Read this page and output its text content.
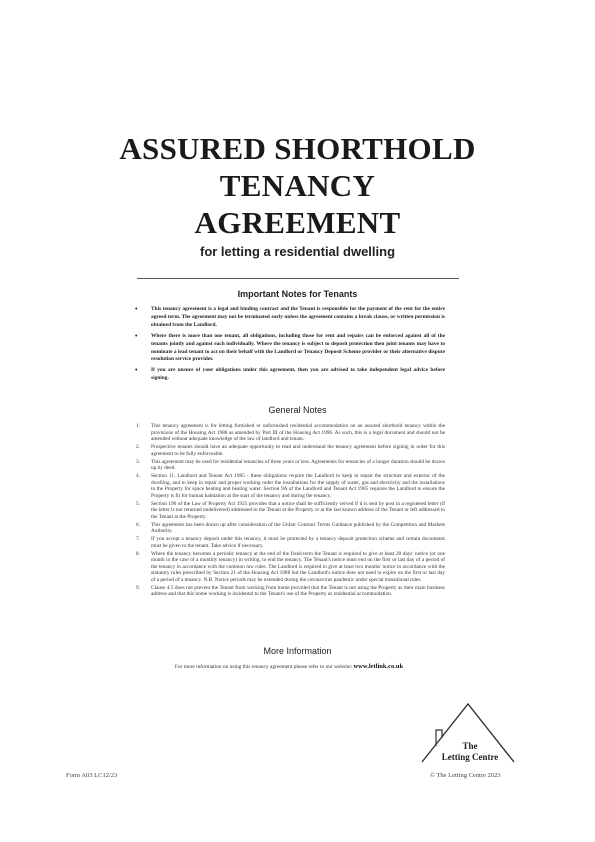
ASSURED SHORTHOLD
TENANCY
AGREEMENT
for letting a residential dwelling
Important Notes for Tenants
•	This tenancy agreement is a legal and binding contract and the Tenant is responsible for the payment of the rent for the entire agreed term. The agreement may not be terminated early unless the agreement contains a break clause, or written permission is obtained from the Landlord.
•	Where there is more than one tenant, all obligations, including those for rent and repairs can be enforced against all of the tenants jointly and against each individually. Where the tenancy is subject to deposit protection then joint tenants may have to nominate a lead tenant to act on their behalf with the Landlord or Tenancy Deposit Scheme provider or their alternative dispute resolution service provider.
•	If you are unsure of your obligations under this agreement, then you are advised to take independent legal advice before signing.
General Notes
1. This tenancy agreement is for letting furnished or unfurnished residential accommodation on an assured shorthold tenancy within the provisions of the Housing Act 1988 as amended by Part III of the Housing Act 1996. As such, this is a legal document and should not be amended without adequate knowledge of the law of landlord and tenant.
2. Prospective tenants should have an adequate opportunity to read and understand the tenancy agreement before signing in order for this agreement to be fully enforceable.
3. This agreement may be used for residential tenancies of three years or less. Agreements for tenancies of a longer duration should be drawn up by deed.
4. Section 11, Landlord and Tenant Act 1985 - these obligations require the Landlord to keep in repair the structure and exterior of the dwelling, and to keep in repair and proper working order the installations for the supply of water, gas and electricity and the installations in the Property for space heating and heating water. Section 9A of the Landlord and Tenant Act 1985 requires the Landlord to ensure the Property is fit for human habitation at the start of the tenancy and during the tenancy.
5. Section 196 of the Law of Property Act 1925 provides that a notice shall be sufficiently served if it is sent by post in a registered letter (if the letter is not returned undelivered) addressed to the Tenant at the Property or at the last known address of the Tenant or left addressed to the Tenant at the Property.
6. This agreement has been drawn up after consideration of the Unfair Contract Terms Guidance published by the Competition and Markets Authority.
7. If you accept a tenancy deposit under this tenancy, it must be protected by a tenancy deposit protection scheme and certain documents must be given to the tenant. Take advice if necessary.
8. Where the tenancy becomes a periodic tenancy at the end of the fixed term the Tenant is required to give at least 28 days' notice (or one month in the case of a monthly tenancy) in writing, to end the tenancy. The Tenant's notice must end on the first or last day of a period of the tenancy in accordance with the common law rules. The Landlord is required to give at least two months' notice in accordance with the statutory rules prescribed by Section 21 of the Housing Act 1988 but the Landlord's notice does not need to expire on the first or last day of a period of a tenancy. N.B. Notice periods may be extended during the coronavirus pandemic under special transitional rules.
9. Clause 4.5 does not prevent the Tenant from working from home provided that the Tenant is not using the Property as their main business address and that this home working is incidental to the Tenant's use of the Property as residential accommodation.
More Information
For more information on using this tenancy agreement please refer to our website: www.letlink.co.uk
The
Letting Centre
Form A03 LC12/23	© The Letting Centre 2023
